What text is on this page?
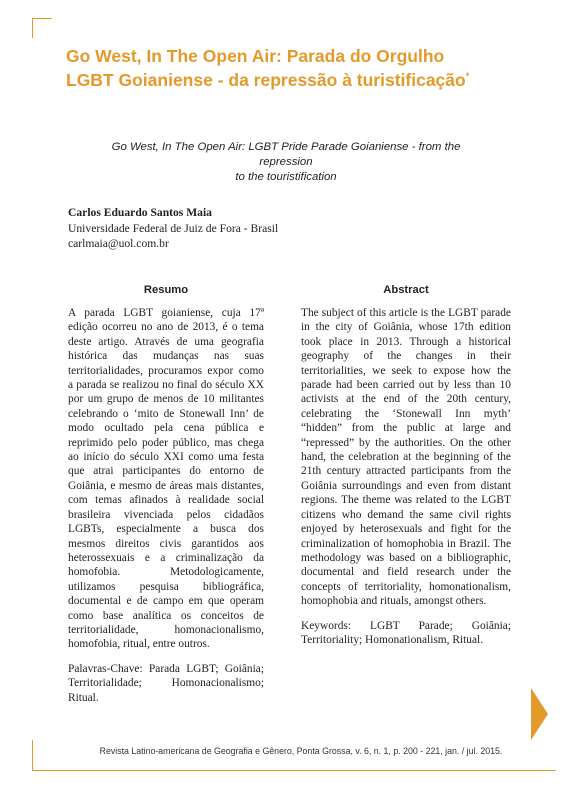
Go West, In The Open Air: Parada do Orgulho
LGBT Goianiense - da repressão à turistificação*
Go West, In The Open Air: LGBT Pride Parade Goianiense - from the repression
to the touristification
Carlos Eduardo Santos Maia
Universidade Federal de Juiz de Fora - Brasil
carlmaia@uol.com.br
Resumo	Abstract

A parada LGBT goianiense, cuja 17ª edição ocorreu no ano de 2013, é o tema deste artigo. Através de uma geografia histórica das mudanças nas suas territorialidades, procuramos expor como a parada se realizou no final do século XX por um grupo de menos de 10 militantes celebrando o ‘mito de Stonewall Inn’ de modo ocultado pela cena pública e reprimido pelo poder público, mas chega ao início do século XXI como uma festa que atrai participantes do entorno de Goiânia, e mesmo de áreas mais distantes, com temas afinados à realidade social brasileira vivenciada pelos cidadãos LGBTs, especialmente a busca dos mesmos direitos civis garantidos aos heterossexuais e a criminalização da homofobia. Metodologicamente, utilizamos pesquisa bibliográfica, documental e de campo em que operam como base analítica os conceitos de territorialidade, homonacionalismo, homofobia, ritual, entre outros.

Palavras-Chave: Parada LGBT; Goiânia; Territorialidade; Homonacionalismo; Ritual.

The subject of this article is the LGBT parade in the city of Goiânia, whose 17th edition took place in 2013. Through a historical geography of the changes in their territorialities, we seek to expose how the parade had been carried out by less than 10 activists at the end of the 20th century, celebrating the ‘Stonewall Inn myth’ “hidden” from the public at large and “repressed” by the authorities. On the other hand, the celebration at the beginning of the 21th century attracted participants from the Goiânia surroundings and even from distant regions. The theme was related to the LGBT citizens who demand the same civil rights enjoyed by heterosexuals and fight for the criminalization of homophobia in Brazil. The methodology was based on a bibliographic, documental and field research under the concepts of territoriality, homonationalism, homophobia and rituals, amongst others.

Keywords: LGBT Parade; Goiânia; Territoriality; Homonationalism, Ritual.

Revista Latino-americana de Geografia e Gênero, Ponta Grossa, v. 6, n. 1, p. 200 - 221, jan. / jul. 2015.
